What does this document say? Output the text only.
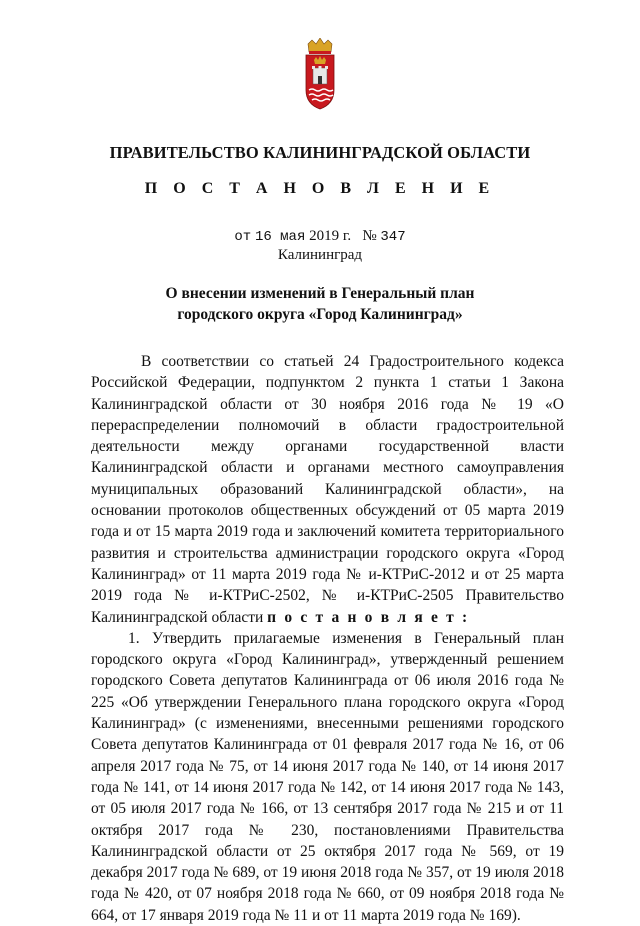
ПРАВИТЕЛЬСТВО КАЛИНИНГРАДСКОЙ ОБЛАСТИ
П О С Т А Н О В Л Е Н И Е
от 16 мая 2019 г. № 347
Калининград
О внесении изменений в Генеральный план
городского округа «Город Калининград»

В соответствии со статьей 24 Градостроительного кодекса Российской Федерации, подпунктом 2 пункта 1 статьи 1 Закона Калининградской области от 30 ноября 2016 года № 19 «О перераспределении полномочий в области градостроительной деятельности между органами государственной власти Калининградской области и органами местного самоуправления муниципальных образований Калининградской области», на основании протоколов общественных обсуждений от 05 марта 2019 года и от 15 марта 2019 года и заключений комитета территориального развития и строительства администрации городского округа «Город Калининград» от 11 марта 2019 года № и-КТРиС-2012 и от 25 марта 2019 года № и-КТРиС-2502, № и-КТРиС-2505 Правительство Калининградской области п о с т а н о в л я е т :

1. Утвердить прилагаемые изменения в Генеральный план городского округа «Город Калининград», утвержденный решением городского Совета депутатов Калининграда от 06 июля 2016 года № 225 «Об утверждении Генерального плана городского округа «Город Калининград» (с изменениями, внесенными решениями городского Совета депутатов Калининграда от 01 февраля 2017 года № 16, от 06 апреля 2017 года № 75, от 14 июня 2017 года № 140, от 14 июня 2017 года № 141, от 14 июня 2017 года № 142, от 14 июня 2017 года № 143, от 05 июля 2017 года № 166, от 13 сентября 2017 года № 215 и от 11 октября 2017 года № 230, постановлениями Правительства Калининградской области от 25 октября 2017 года № 569, от 19 декабря 2017 года № 689, от 19 июня 2018 года № 357, от 19 июля 2018 года № 420, от 07 ноября 2018 года № 660, от 09 ноября 2018 года № 664, от 17 января 2019 года № 11 и от 11 марта 2019 года № 169).
